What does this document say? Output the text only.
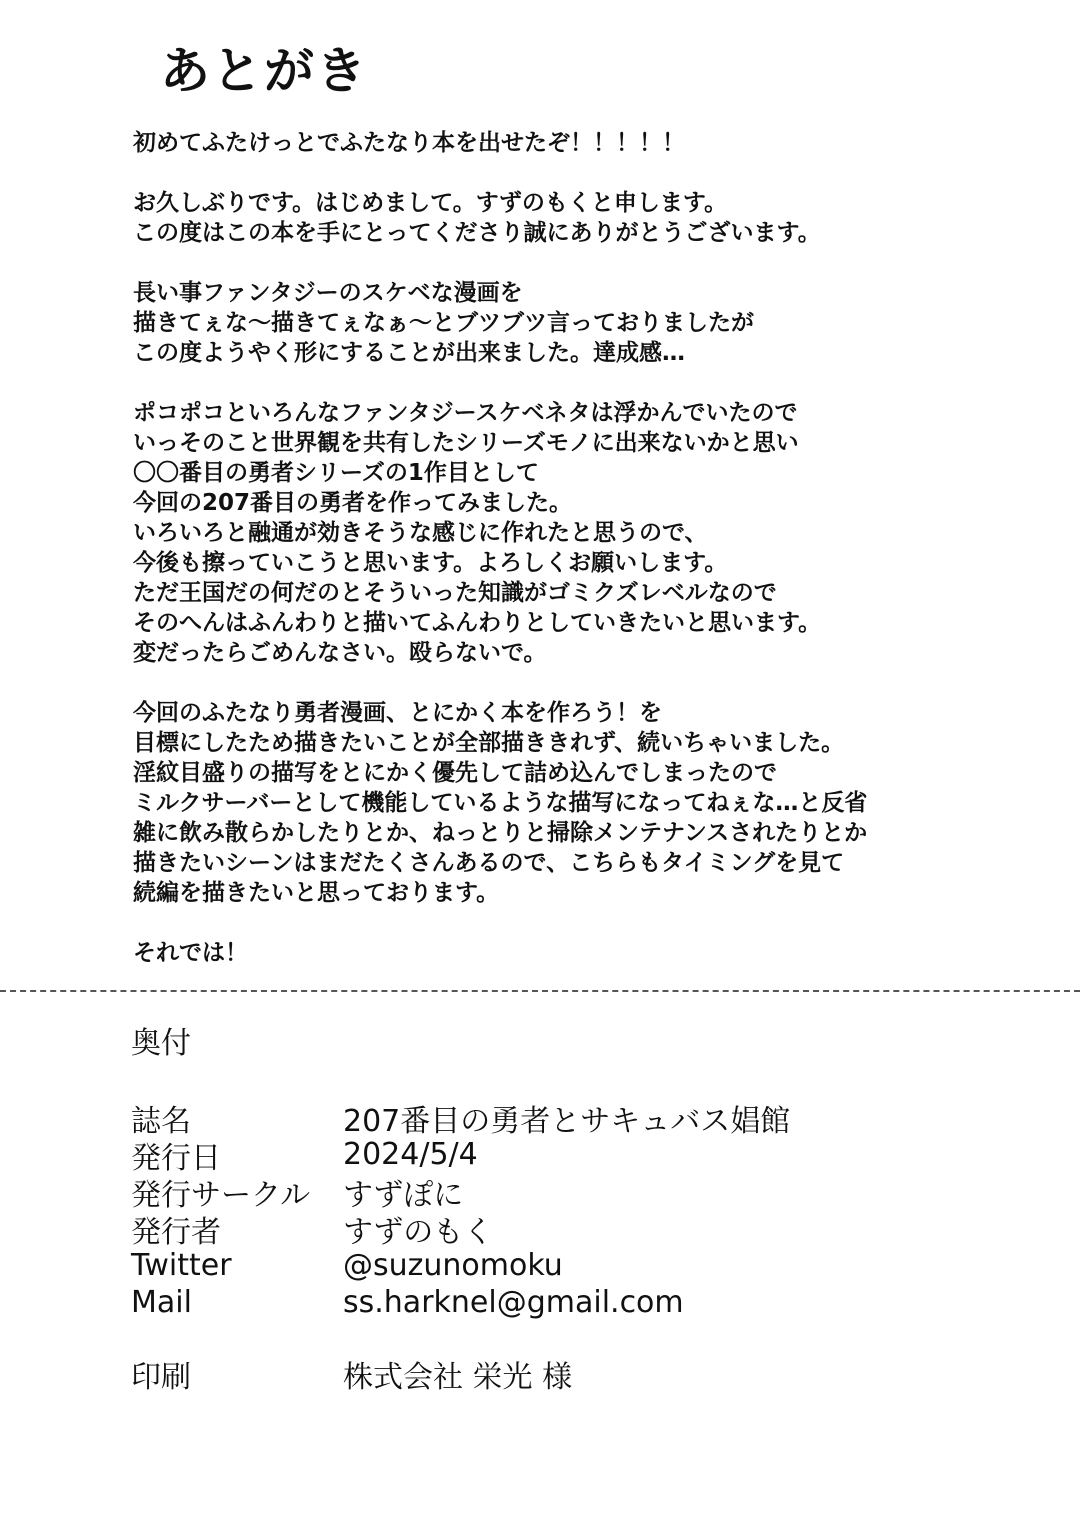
あとがき
初めてふたけっとでふたなり本を出せたぞ！！！！！
お久しぶりです。はじめまして。すずのもくと申します。
この度はこの本を手にとってくださり誠にありがとうございます。
長い事ファンタジーのスケベな漫画を
描きてぇな〜描きてぇなぁ〜とブツブツ言っておりましたが
この度ようやく形にすることが出来ました。達成感…
ポコポコといろんなファンタジースケベネタは浮かんでいたので
いっそのこと世界観を共有したシリーズモノに出来ないかと思い
〇〇番目の勇者シリーズの1作目として
今回の207番目の勇者を作ってみました。
いろいろと融通が効きそうな感じに作れたと思うので、
今後も擦っていこうと思います。よろしくお願いします。
ただ王国だの何だのとそういった知識がゴミクズレベルなので
そのへんはふんわりと描いてふんわりとしていきたいと思います。
変だったらごめんなさい。殴らないで。
今回のふたなり勇者漫画、とにかく本を作ろう！を
目標にしたため描きたいことが全部描ききれず、続いちゃいました。
淫紋目盛りの描写をとにかく優先して詰め込んでしまったので
ミルクサーバーとして機能しているような描写になってねぇな…と反省
雑に飲み散らかしたりとか、ねっとりと掃除メンテナンスされたりとか
描きたいシーンはまだたくさんあるので、こちらもタイミングを見て
続編を描きたいと思っております。
それでは！
奥付
誌名	207番目の勇者とサキュバス娼館
発行日	2024/5/4
発行サークル	すずぽに
発行者	すずのもく
Twitter	@suzunomoku
Mail	ss.harknel@gmail.com
印刷	株式会社 栄光 様
